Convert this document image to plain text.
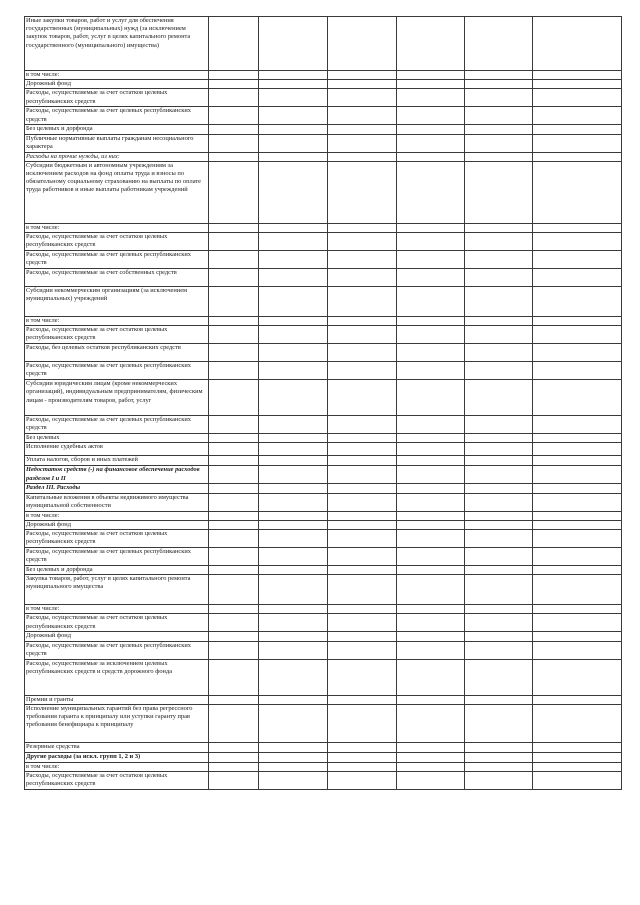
Иные закупки товаров, работ и услуг для обеспечения государственных (муниципальных) нужд (за исключением закупок товаров, работ, услуг в целях капитального ремонта государственного (муниципального) имущества)						
в том числе:						
Дорожный фонд						
Расходы, осуществляемые за счет остатков целевых республиканских средств						
Расходы, осуществляемые за счет целевых республиканских средств						
Без целевых и дорфонда						
Публичные нормативные выплаты гражданам несоциального характера						
Расходы на прочие нужды, из них:						
Субсидии бюджетным и автономным учреждениям за исключением расходов на фонд оплаты труда и взносы по обязательному социальному страхованию на выплаты по оплате труда работников и иные выплаты работникам учреждений						
в том числе:						
Расходы, осуществляемые за счет остатков целевых республиканских средств						
Расходы, осуществляемые за счет целевых республиканских средств						
Расходы, осуществляемые за счет собственных средств						
Субсидии некоммерческим организациям (за исключением муниципальных) учреждений						
в том числе:						
Расходы, осуществляемые за счет остатков целевых республиканских средств						
Расходы, без целевых остатков республиканских средств						
Расходы, осуществляемые за счет целевых республиканских средств						
Субсидии юридическим лицам (кроме некоммерческих организаций), индивидуальным предпринимателям, физическим лицам - производителям товаров, работ, услуг						
Расходы, осуществляемые за счет целевых республиканских средств						
Без целевых						
Исполнение судебных актов						
Уплата налогов, сборов и иных платежей						
Недостаток средств (-) на финансовое обеспечение расходов разделов I и II						
Раздел III. Расходы						
Капитальные вложения в объекты недвижимого имущества муниципальной собственности						
в том числе:						
Дорожный фонд						
Расходы, осуществляемые за счет остатков целевых республиканских средств						
Расходы, осуществляемые за счет целевых республиканских средств						
Без целевых и дорфонда						
Закупка товаров, работ, услуг в целях капитального ремонта муниципального имущества						
в том числе:						
Расходы, осуществляемые за счет остатков целевых республиканских средств						
Дорожный фонд						
Расходы, осуществляемые за счет целевых республиканских средств						
Расходы, осуществляемые за исключением целевых республиканских средств и средств дорожного фонда						
Премии и гранты						
Исполнение муниципальных гарантий без права регрессного требования гаранта к принципалу или уступки гаранту прав требования бенефициара к принципалу						
Резервные средства						
Другие расходы (за искл. групп 1, 2 и 3)						
в том числе:						
Расходы, осуществляемые за счет остатков целевых республиканских средств						
